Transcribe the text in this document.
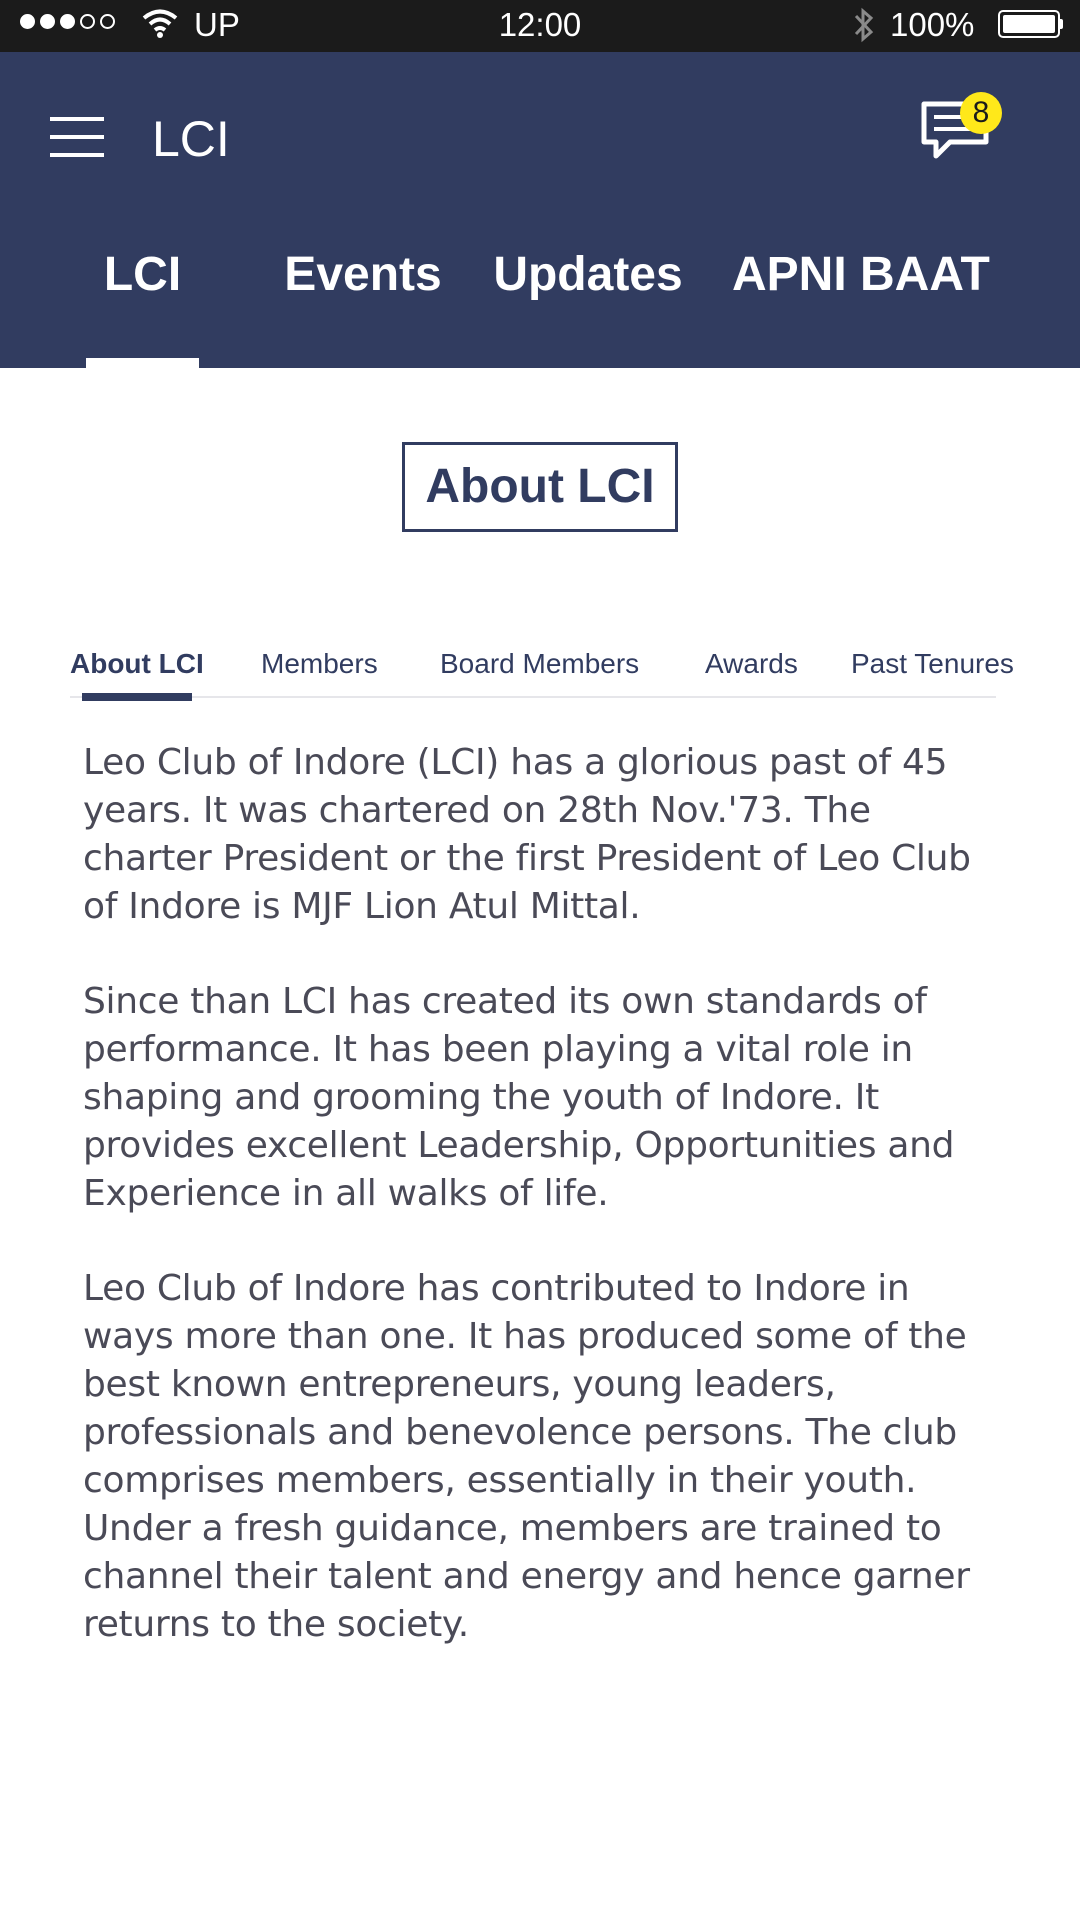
UP	12:00	100%
LCI	8
LCI	Events Updates APNI BAAT
About LCI
About LCI Members Board Members Awards Past Tenures

Leo Club of Indore (LCI) has a glorious past of 45 years. It was chartered on 28th Nov.'73. The charter President or the first President of Leo Club of Indore is MJF Lion Atul Mittal.

Since than LCI has created its own standards of performance. It has been playing a vital role in shaping and grooming the youth of Indore. It provides excellent Leadership, Opportunities and Experience in all walks of life.

Leo Club of Indore has contributed to Indore in ways more than one. It has produced some of the best known entrepreneurs, young leaders, professionals and benevolence persons. The club comprises members, essentially in their youth. Under a fresh guidance, members are trained to channel their talent and energy and hence garner returns to the society.
